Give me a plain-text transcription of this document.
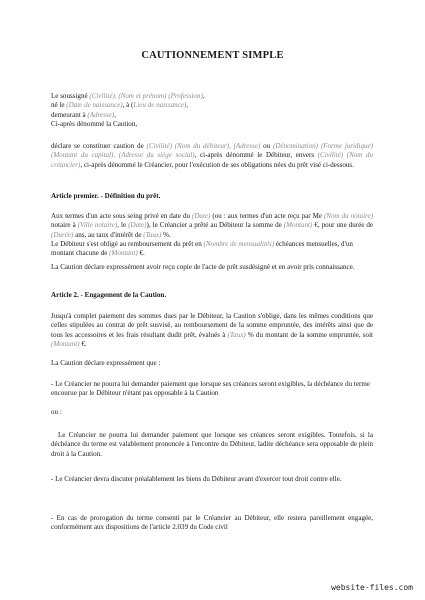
CAUTIONNEMENT SIMPLE
Le soussigné (Civilité), (Nom et prénom) (Profession),
né le (Date de naissance), à (Lieu de naissance),
demeurant à (Adresse),
Ci-après dénommé la Caution,
déclare se constituer caution de (Civilité) (Nom du débiteur), (Adresse) ou (Dénomination) (Forme juridique) (Montant du capital), (Adresse du siège social), ci-après dénommé le Débiteur, envers (Civilité) (Nom du créancier), ci-après dénommé le Créancier, pour l'exécution de ses obligations nées du prêt visé ci-dessous.
Article premier. - Définition du prêt.
Aux termes d'un acte sous seing privé en date du (Date) (ou : aux termes d'un acte reçu par Me (Nom du notaire) notaire à (Ville notaire), le (Date)), le Créancier a prêté au Débiteur la somme de (Montant) €, pour une durée de (Durée) ans, au taux d'intérêt de (Taux) %.
Le Débiteur s'est obligé au remboursement du prêt en (Nombre de mensualités) échéances mensuelles, d'un montant chacune de (Montant) €.
La Caution déclare expressément avoir reçu copie de l'acte de prêt susdésigné et en avoir pris connaissance.
Article 2. - Engagement de la Caution.
Jusqu'à complet paiement des sommes dues par le Débiteur, la Caution s'oblige, dans les mêmes conditions que celles stipulées au contrat de prêt susvisé, au remboursement de la somme empruntée, des intérêts ainsi que de tous les accessoires et les frais résultant dudit prêt, évalués à (Taux) % du montant de la somme empruntée, soit (Montant) €.
La Caution déclare expressément que :
- Le Créancier ne pourra lui demander paiement que lorsque ses créances seront exigibles, la déchéance du terme encourue par le Débiteur n'étant pas opposable à la Caution
ou :
Le Créancier ne pourra lui demander paiement que lorsque ses créances seront exigibles. Toutefois, si la déchéance du terme est valablement prononcée à l'encontre du Débiteur, ladite déchéance sera opposable de plein droit à la Caution.
- Le Créancier devra discuter préalablement les biens du Débiteur avant d'exercer tout droit contre elle.
- En cas de prorogation du terme consenti par le Créancier au Débiteur, elle restera pareillement engagée, conformément aux dispositions de l'article 2.039 du Code civil
website-files.com
